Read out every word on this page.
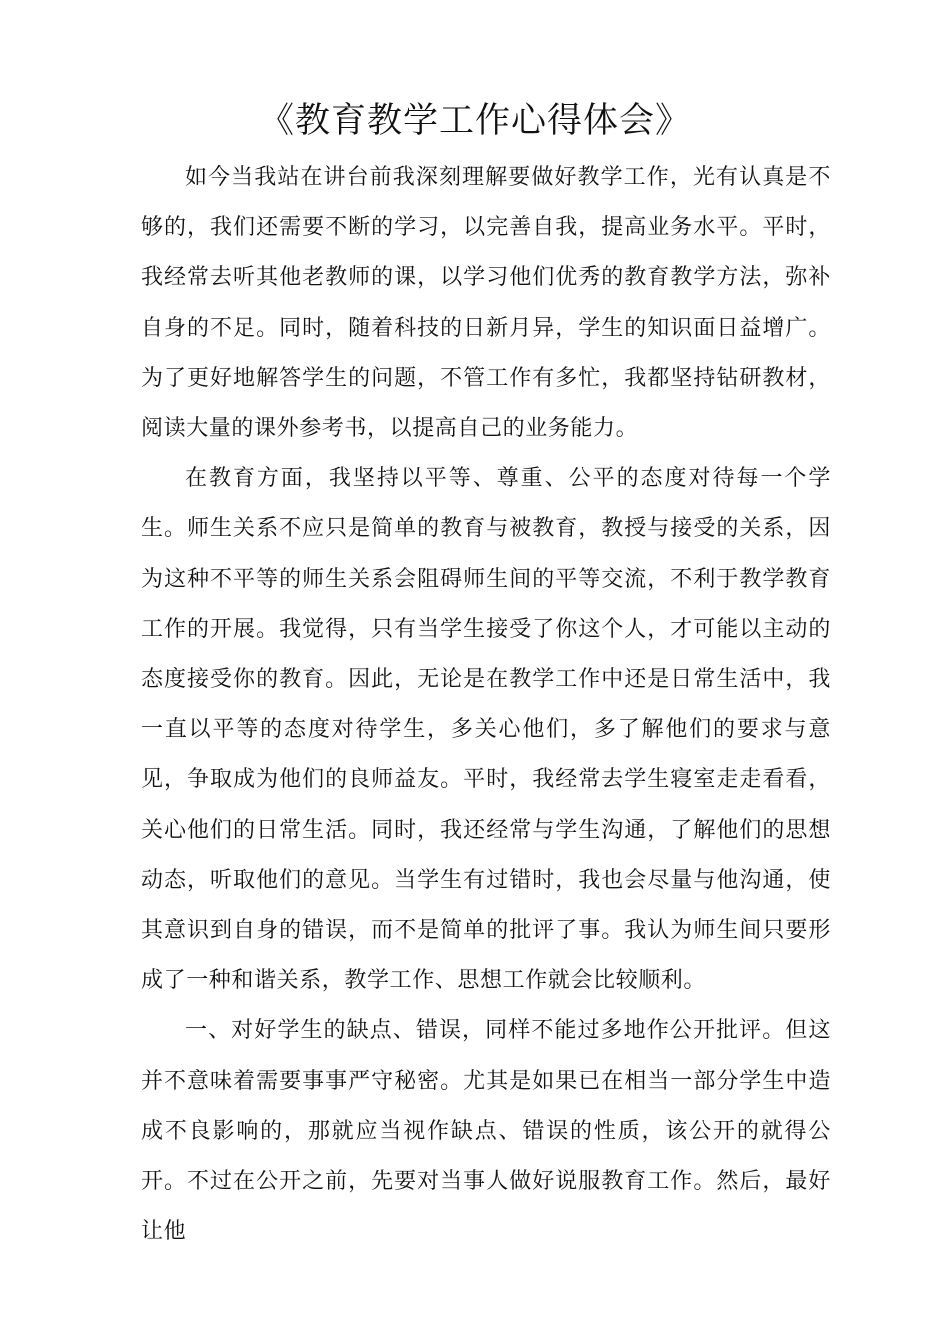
《教育教学工作心得体会》

如今当我站在讲台前我深刻理解要做好教学工作，光有认真是不够的，我们还需要不断的学习，以完善自我，提高业务水平。平时，我经常去听其他老教师的课，以学习他们优秀的教育教学方法，弥补自身的不足。同时，随着科技的日新月异，学生的知识面日益增广。为了更好地解答学生的问题，不管工作有多忙，我都坚持钻研教材，阅读大量的课外参考书，以提高自己的业务能力。

在教育方面，我坚持以平等、尊重、公平的态度对待每一个学生。师生关系不应只是简单的教育与被教育，教授与接受的关系，因为这种不平等的师生关系会阻碍师生间的平等交流，不利于教学教育工作的开展。我觉得，只有当学生接受了你这个人，才可能以主动的态度接受你的教育。因此，无论是在教学工作中还是日常生活中，我一直以平等的态度对待学生，多关心他们，多了解他们的要求与意见，争取成为他们的良师益友。平时，我经常去学生寝室走走看看，关心他们的日常生活。同时，我还经常与学生沟通，了解他们的思想动态，听取他们的意见。当学生有过错时，我也会尽量与他沟通，使其意识到自身的错误，而不是简单的批评了事。我认为师生间只要形成了一种和谐关系，教学工作、思想工作就会比较顺利。

一、对好学生的缺点、错误，同样不能过多地作公开批评。但这并不意味着需要事事严守秘密。尤其是如果已在相当一部分学生中造成不良影响的，那就应当视作缺点、错误的性质，该公开的就得公开。不过在公开之前，先要对当事人做好说服教育工作。然后，最好让他
